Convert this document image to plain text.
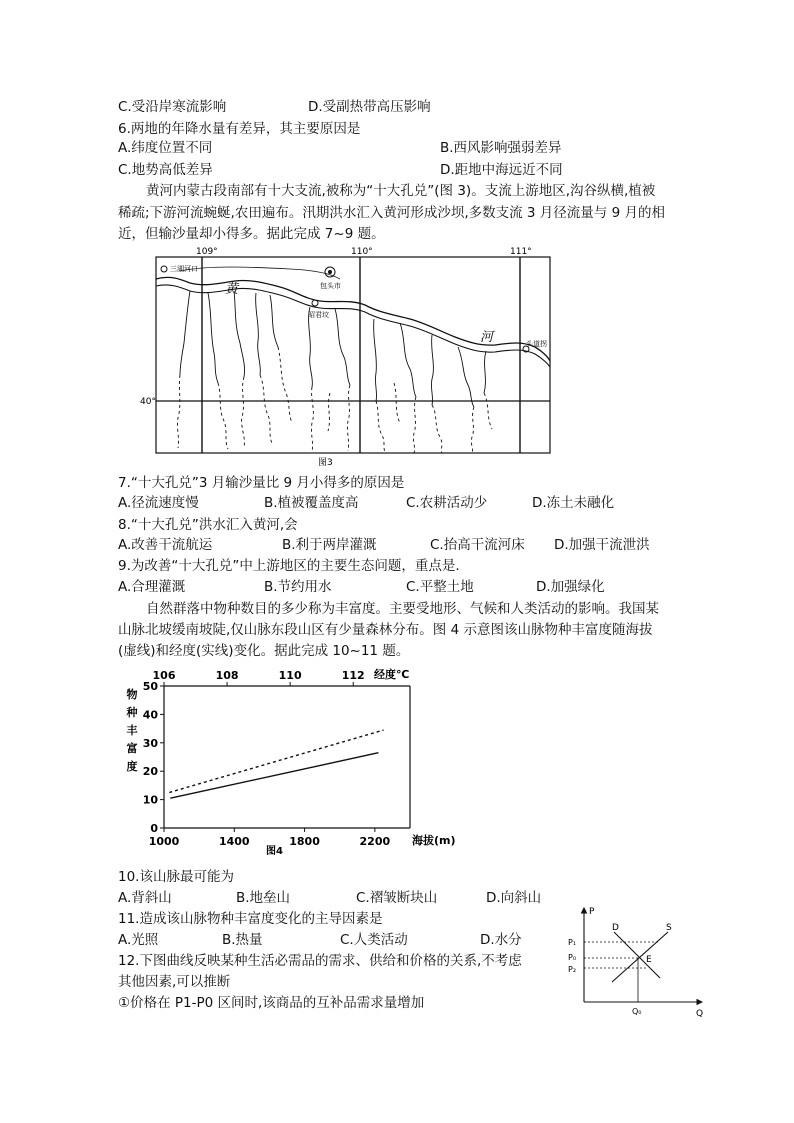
C.受沿岸寒流影响	D.受副热带高压影响
6.两地的年降水量有差异，其主要原因是
A.纬度位置不同	B.西风影响强弱差异
C.地势高低差异	D.距地中海远近不同
黄河内蒙古段南部有十大支流,被称为“十大孔兑”(图 3)。支流上游地区,沟谷纵横,植被
稀疏;下游河流蜿蜒,农田遍布。汛期洪水汇入黄河形成沙坝,多数支流 3 月径流量与 9 月的相
近，但输沙量却小得多。据此完成 7~9 题。
109°	110°	111°
40°
三湖河口
包头市
昭君坟
头道拐
黄
河
图3
7.“十大孔兑”3 月输沙量比 9 月小得多的原因是
A.径流速度慢	B.植被覆盖度高	C.农耕活动少	D.冻土未融化
8.“十大孔兑”洪水汇入黄河,会
A.改善干流航运	B.利于两岸灌溉	C.抬高干流河床 D.加强干流泄洪
9.为改善“十大孔兑”中上游地区的主要生态问题，重点是.
A.合理灌溉	B.节约用水	C.平整土地	D.加强绿化
自然群落中物种数目的多少称为丰富度。主要受地形、气候和人类活动的影响。我国某
山脉北坡缓南坡陡,仅山脉东段山区有少量森林分布。图 4 示意图该山脉物种丰富度随海拔
(虚线)和经度(实线)变化。据此完成 10~11 题。
0
10
20
30
40
50
1000	1400	1800	2200
106	108	110	112
物
种
丰
富
度
海拔(m)
经度℃
图4
10.该山脉最可能为
A.背斜山	B.地垒山	C.褶皱断块山	D.向斜山
11.造成该山脉物种丰富度变化的主导因素是
A.光照	B.热量	C.人类活动	D.水分
12.下图曲线反映某种生活必需品的需求、供给和价格的关系,不考虑
其他因素,可以推断
①价格在 P1-P0 区间时,该商品的互补品需求量增加
P
Q
D	S
E
P₁
P₀
P₂
Q₀
